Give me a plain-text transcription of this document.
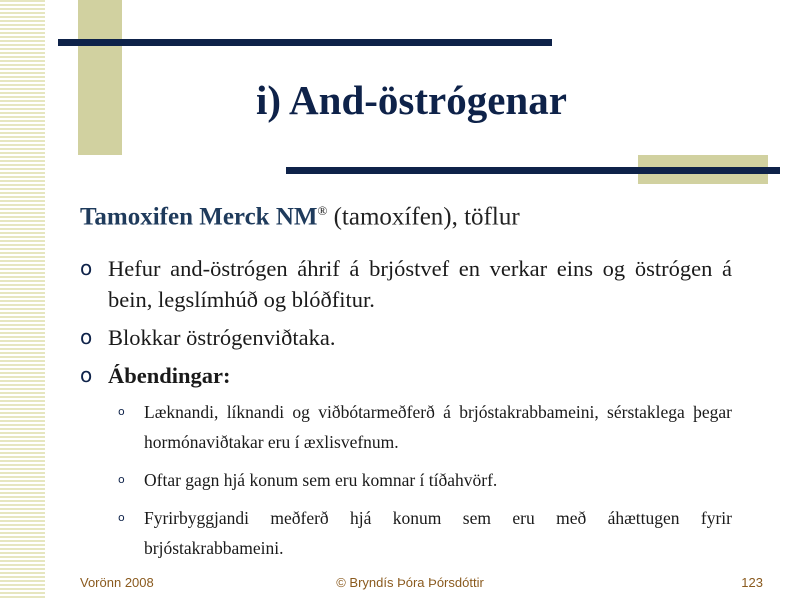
i) And-östrógenar
Tamoxifen Merck NM® (tamoxífen), töflur
o Hefur and-östrógen áhrif á brjóstvef en verkar eins og östrógen á bein, legslímhúð og blóðfitur.
o Blokkar östrógenviðtaka.
o Ábendingar:
o Læknandi, líknandi og viðbótarmeðferð á brjóstakrabbameini, sérstaklega þegar hormónaviðtakar eru í æxlisvefnum.
o Oftar gagn hjá konum sem eru komnar í tíðahvörf.
o Fyrirbyggjandi meðferð hjá konum sem eru með áhættugen fyrir brjóstakrabbameini.
Vorönn 2008	© Bryndís Þóra Þórsdóttir	123
